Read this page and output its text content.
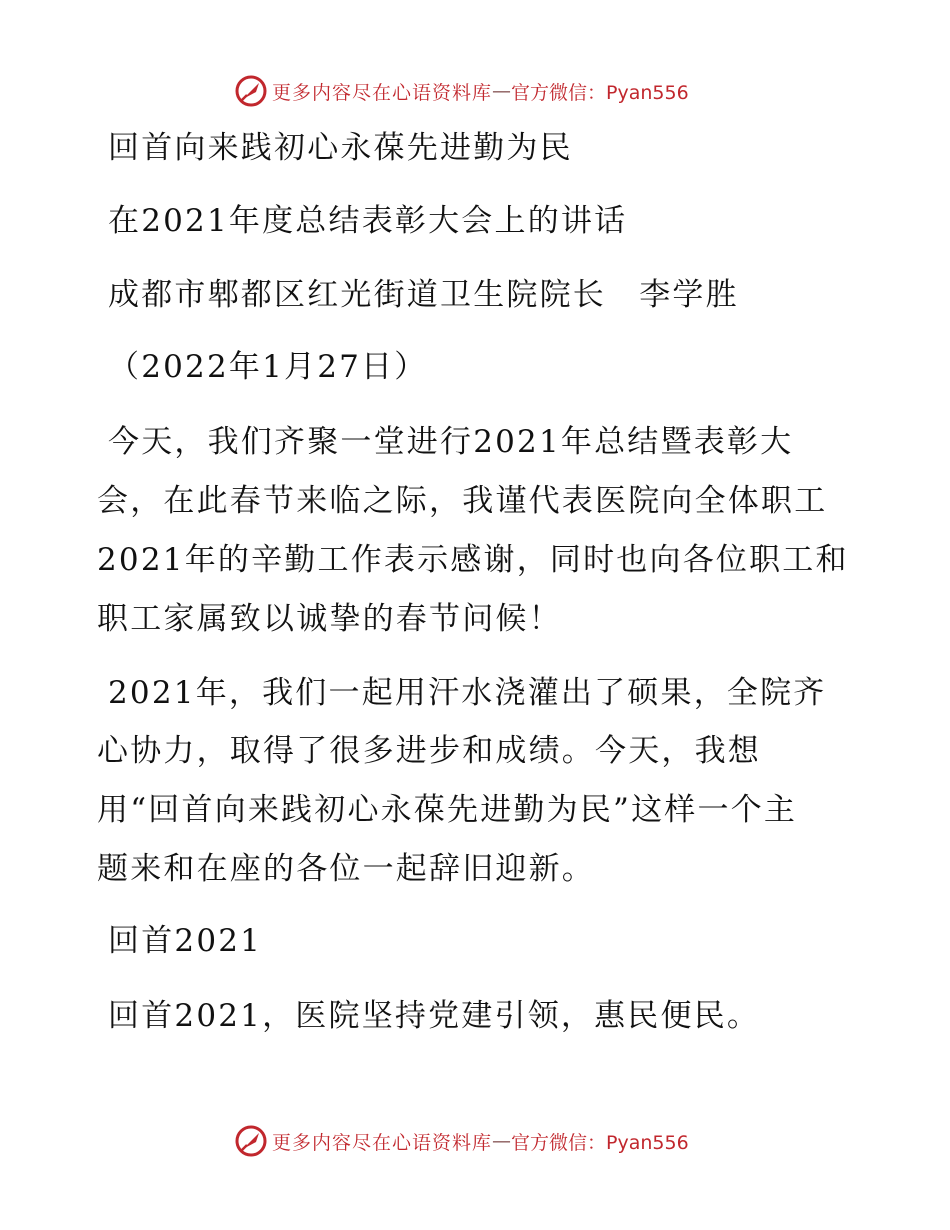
更多内容尽在心语资料库 — 官方微信：Pyan556
回首向来践初心永葆先进勤为民
在2021年度总结表彰大会上的讲话
成都市郫都区红光街道卫生院院长　李学胜
（2022年1月27日）
今天，我们齐聚一堂进行2021年总结暨表彰大
会，在此春节来临之际，我谨代表医院向全体职工
2021年的辛勤工作表示感谢，同时也向各位职工和
职工家属致以诚挚的春节问候！
2021年，我们一起用汗水浇灌出了硕果，全院齐
心协力，取得了很多进步和成绩。今天，我想
用“回首向来践初心永葆先进勤为民”这样一个主
题来和在座的各位一起辞旧迎新。
回首2021
回首2021，医院坚持党建引领，惠民便民。
更多内容尽在心语资料库 — 官方微信：Pyan556
